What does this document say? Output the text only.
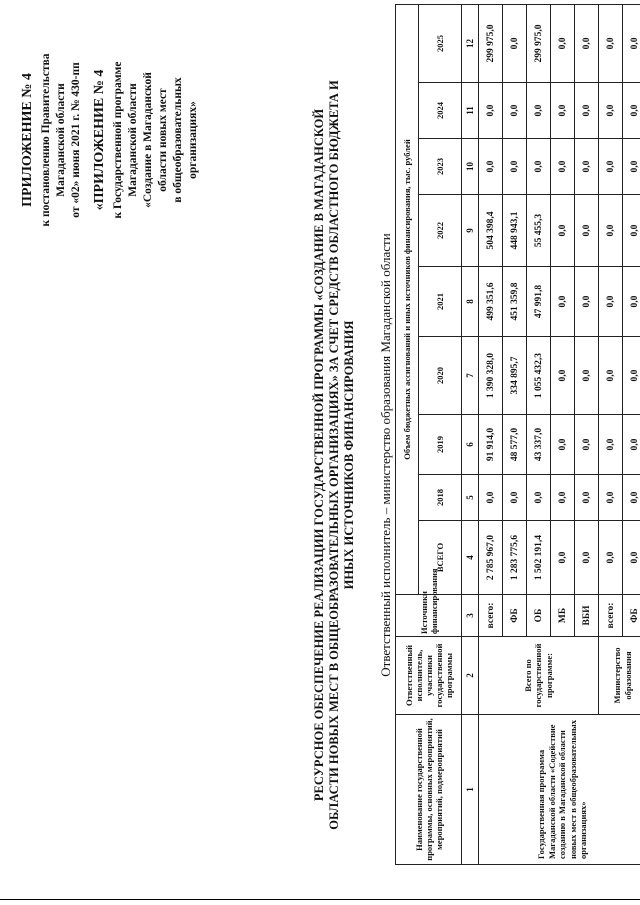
ПРИЛОЖЕНИЕ № 4 к постановлению Правительства Магаданской области от «02» июня 2021 г. № 430-пп «ПРИЛОЖЕНИЕ № 4 к Государственной программе Магаданской области «Создание в Магаданской области новых мест в общеобразовательных организациях»	РЕСУРСНОЕ ОБЕСПЕЧЕНИЕ РЕАЛИЗАЦИИ ГОСУДАРСТВЕННОЙ ПРОГРАММЫ «СОЗДАНИЕ В МАГАДАНСКОЙ ОБЛАСТИ НОВЫХ МЕСТ В ОБЩЕОБРАЗОВАТЕЛЬНЫХ ОРГАНИЗАЦИЯХ» ЗА СЧЕТ СРЕДСТВ ОБЛАСТНОГО БЮДЖЕТА И ИНЫХ ИСТОЧНИКОВ ФИНАНСИРОВАНИЯ Ответственный исполнитель – министерство образования Магаданской области
Наименование государственной программы, основных мероприятий, мероприятий, подмероприятий	Ответственный исполнитель, участники государственной программы	Источники финансирования	Объем бюджетных ассигнований и иных источников финансирования, тыс. рублей								
			ВСЕГО	2018	2019	2020	2021	2022	2023	2024	2025
1	2	3	4	5	6	7	8	9	10	11	12
Государственная программа Магаданской области «Содействие созданию в Магаданской области новых мест в общеобразовательных организациях»	Всего по государственной программе:	всего:	2 785 967,0	0,0	91 914,0	1 390 328,0	499 351,6	504 398,4	0,0	0,0	299 975,0
		ФБ	1 283 775,6	0,0	48 577,0	334 895,7	451 359,8	448 943,1	0,0	0,0	0,0
		ОБ	1 502 191,4	0,0	43 337,0	1 055 432,3	47 991,8	55 455,3	0,0	0,0	299 975,0
		МБ	0,0	0,0	0,0	0,0	0,0	0,0	0,0	0,0	0,0
		ВБИ	0,0	0,0	0,0	0,0	0,0	0,0	0,0	0,0	0,0
	Министерство образования	всего:	0,0	0,0	0,0	0,0	0,0	0,0	0,0	0,0	0,0
		ФБ	0,0	0,0	0,0	0,0	0,0	0,0	0,0	0,0	0,0
